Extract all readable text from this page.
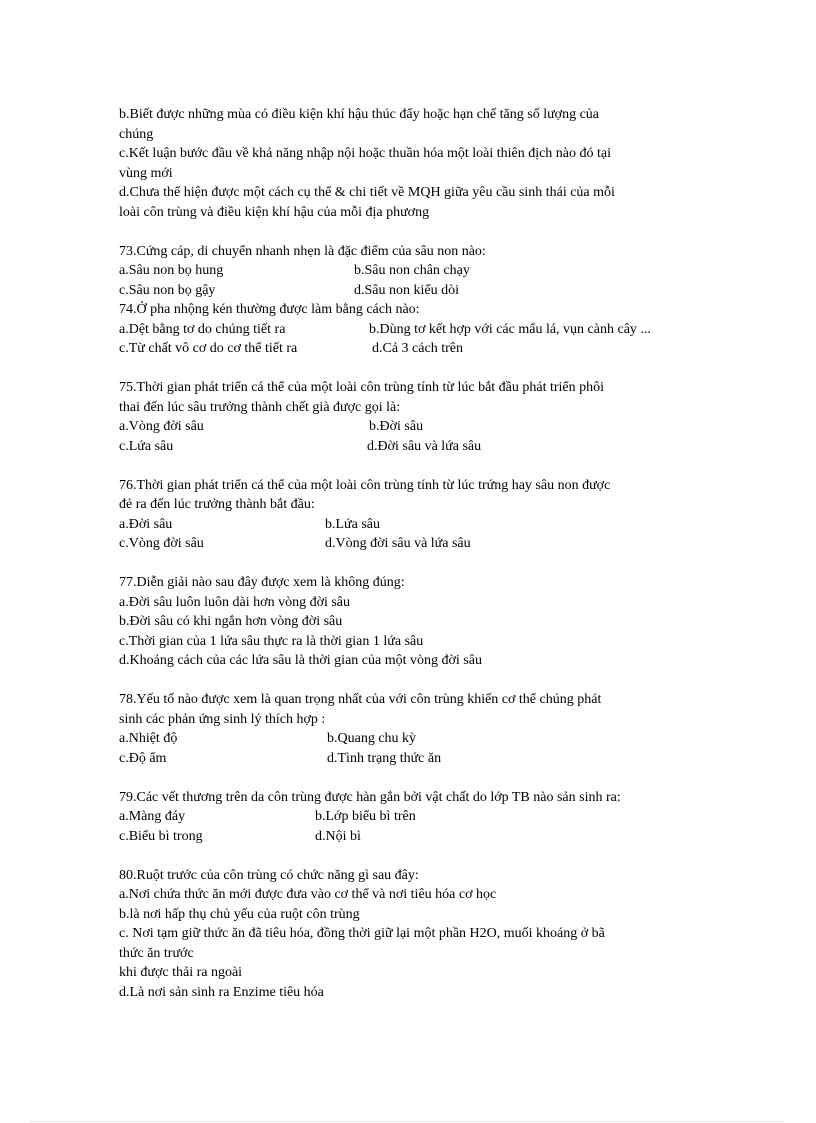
b.Biết được những mùa có điều kiện khí hậu thúc đẩy hoặc hạn chế tăng số lượng của
chúng
c.Kết luận bước đầu về khả năng nhập nội hoặc thuần hóa một loài thiên địch nào đó tại
vùng mới
d.Chưa thể hiện được một cách cụ thể & chi tiết về MQH giữa yêu cầu sinh thái của mỗi
loài côn trùng và điều kiện khí hậu của mỗi địa phương
73.Cứng cáp, di chuyển nhanh nhẹn là đặc điểm của sâu non nào:
a.Sâu non bọ hung	b.Sâu non chân chạy
c.Sâu non bọ gậy	d.Sâu non kiểu dòi
74.Ở pha nhộng kén thường được làm bằng cách nào:
a.Dệt bằng tơ do chúng tiết ra	b.Dùng tơ kết hợp với các mẩu lá, vụn cành cây ...
c.Từ chất vô cơ do cơ thể tiết ra	d.Cả 3 cách trên
75.Thời gian phát triển cá thể của một loài côn trùng tính từ lúc bắt đầu phát triển phôi
thai đến lúc sâu trưởng thành chết già được gọi là:
a.Vòng đời sâu	b.Đời sâu
c.Lứa sâu	d.Đời sâu và lứa sâu
76.Thời gian phát triển cá thể của một loài côn trùng tính từ lúc trứng hay sâu non được
đẻ ra đến lúc trưởng thành bắt đầu:
a.Đời sâu	b.Lứa sâu
c.Vòng đời sâu	d.Vòng đời sâu và lứa sâu
77.Diễn giải nào sau đây được xem là không đúng:
a.Đời sâu luôn luôn dài hơn vòng đời sâu
b.Đời sâu có khi ngắn hơn vòng đời sâu
c.Thời gian của 1 lứa sâu thực ra là thời gian 1 lứa sâu
d.Khoảng cách của các lứa sâu là thời gian của một vòng đời sâu
78.Yếu tố nào được xem là quan trọng nhất của với côn trùng khiến cơ thể chúng phát
sinh các phản ứng sinh lý thích hợp :
a.Nhiệt độ	b.Quang chu kỳ
c.Độ ẩm	d.Tình trạng thức ăn
79.Các vết thương trên da côn trùng được hàn gắn bởi vật chất do lớp TB nào sản sinh ra:
a.Màng đáy	b.Lớp biểu bì trên
c.Biểu bì trong	d.Nội bì
80.Ruột trước của côn trùng có chức năng gì sau đây:
a.Nơi chứa thức ăn mới được đưa vào cơ thể và nơi tiêu hóa cơ học
b.là nơi hấp thụ chủ yếu của ruột côn trùng
c. Nơi tạm giữ thức ăn đã tiêu hóa, đồng thời giữ lại một phần H2O, muối khoáng ở bã
thức ăn trước
khi được thải ra ngoài
d.Là nơi sản sinh ra Enzime tiêu hóa
